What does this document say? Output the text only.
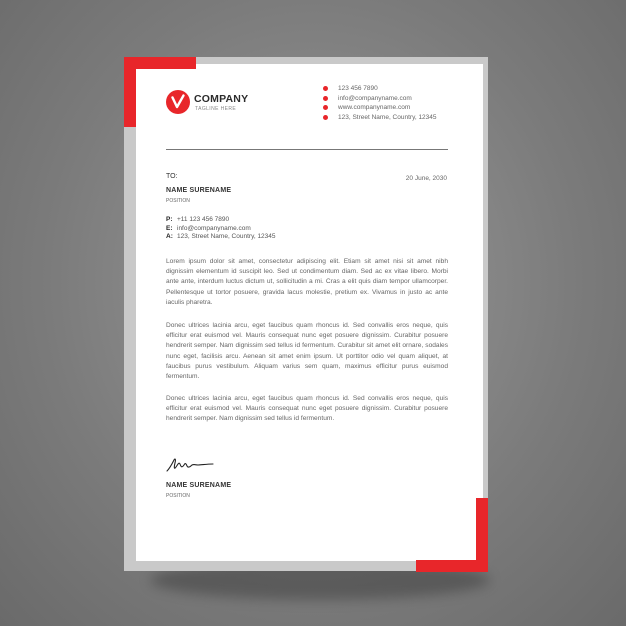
COMPANY
TAGLINE HERE
123 456 7890
info@companyname.com
www.companyname.com
123, Street Name, Country, 12345
TO:	20 June, 2030
NAME SURENAME
POSITION
P: +11 123 456 7890
E: info@companyname.com
A: 123, Street Name, Country, 12345

Lorem ipsum dolor sit amet, consectetur adipiscing elit. Etiam sit amet nisi sit amet nibh dignissim elementum id suscipit leo. Sed ut condimentum diam. Sed ac ex vitae libero. Morbi ante ante, interdum luctus dictum ut, sollicitudin a mi. Cras a elit quis diam tempor ullamcorper. Pellentesque ut tortor posuere, gravida lacus molestie, pretium ex. Vivamus in justo ac ante iaculis pharetra.

Donec ultrices lacinia arcu, eget faucibus quam rhoncus id. Sed convallis eros neque, quis efficitur erat euismod vel. Mauris consequat nunc eget posuere dignissim. Curabitur posuere hendrerit semper. Nam dignissim sed tellus id fermentum. Curabitur sit amet elit ornare, sodales nunc eget, facilisis arcu. Aenean sit amet enim ipsum. Ut porttitor odio vel quam aliquet, at faucibus purus vestibulum. Aliquam varius sem quam, maximus efficitur purus euismod fermentum.

Donec ultrices lacinia arcu, eget faucibus quam rhoncus id. Sed convallis eros neque, quis efficitur erat euismod vel. Mauris consequat nunc eget posuere dignissim. Curabitur posuere hendrerit semper. Nam dignissim sed tellus id fermentum.

NAME SURENAME
POSITION
